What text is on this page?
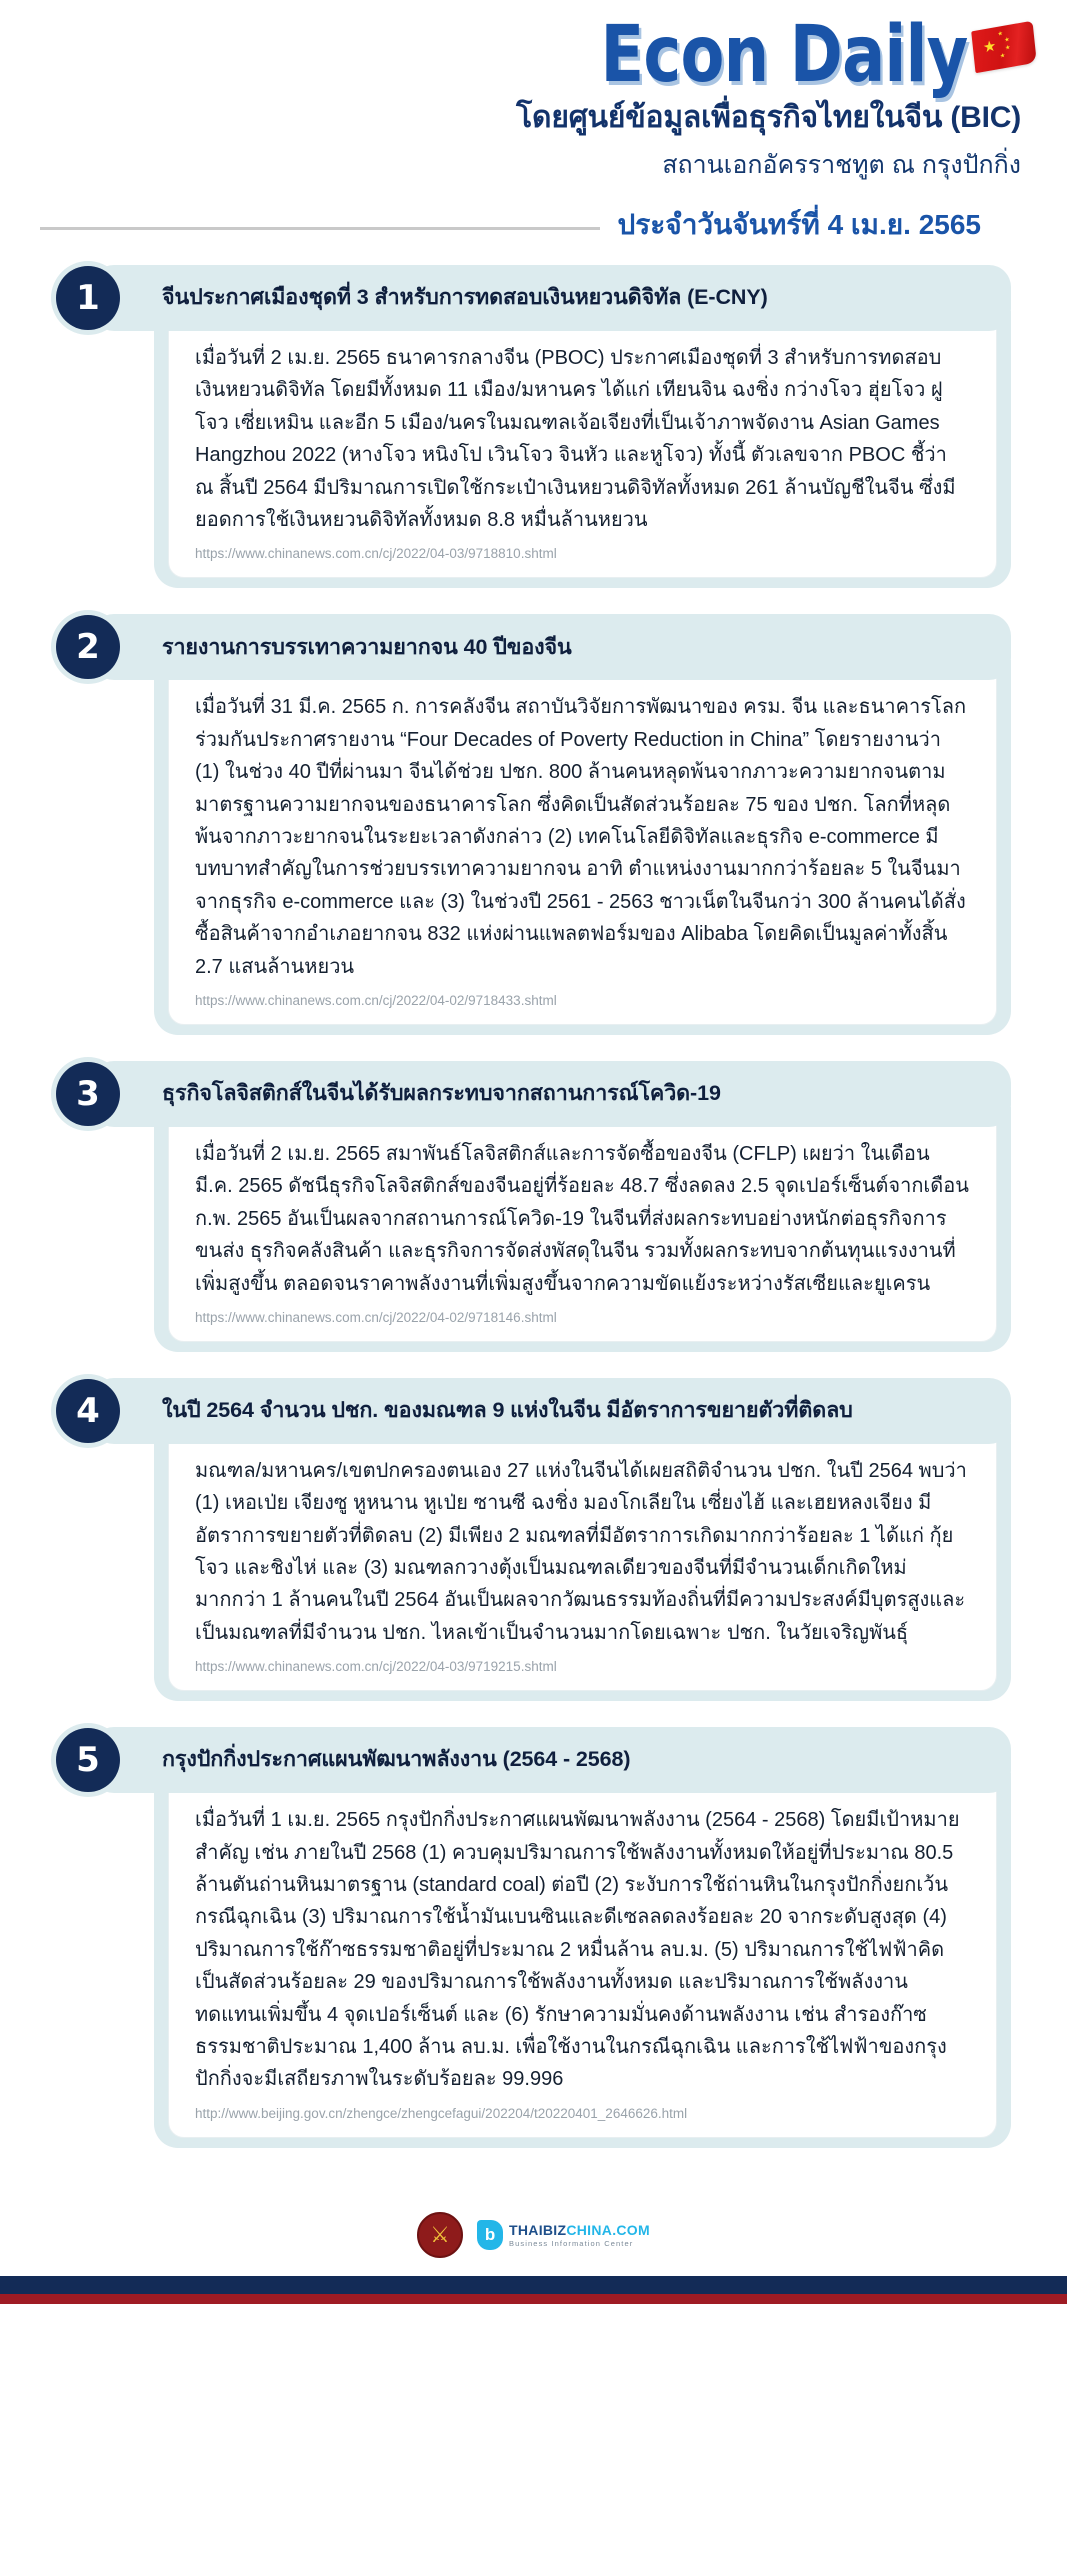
Econ Daily ★
★
★
★
★
โดยศูนย์ข้อมูลเพื่อธุรกิจไทยในจีน (BIC)
สถานเอกอัครราชทูต ณ กรุงปักกิ่ง
ประจำวันจันทร์ที่ 4 เม.ย. 2565
1	จีนประกาศเมืองชุดที่ 3 สำหรับการทดสอบเงินหยวนดิจิทัล (E-CNY)
เมื่อวันที่ 2 เม.ย. 2565 ธนาคารกลางจีน (PBOC) ประกาศเมืองชุดที่ 3 สำหรับการทดสอบเงินหยวนดิจิทัล โดยมีทั้งหมด 11 เมือง/มหานคร ได้แก่ เทียนจิน ฉงชิ่ง กว่างโจว ฮุ่ยโจว ฝูโจว เซี่ยเหมิน และอีก 5 เมือง/นครในมณฑลเจ้อเจียงที่เป็นเจ้าภาพจัดงาน Asian Games Hangzhou 2022 (หางโจว หนิงโป เวินโจว จินหัว และหูโจว) ทั้งนี้ ตัวเลขจาก PBOC ชี้ว่า ณ สิ้นปี 2564 มีปริมาณการเปิดใช้กระเป๋าเงินหยวนดิจิทัลทั้งหมด 261 ล้านบัญชีในจีน ซึ่งมียอดการใช้เงินหยวนดิจิทัลทั้งหมด 8.8 หมื่นล้านหยวน
https://www.chinanews.com.cn/cj/2022/04-03/9718810.shtml
2	รายงานการบรรเทาความยากจน 40 ปีของจีน
เมื่อวันที่ 31 มี.ค. 2565 ก. การคลังจีน สถาบันวิจัยการพัฒนาของ ครม. จีน และธนาคารโลกร่วมกันประกาศรายงาน “Four Decades of Poverty Reduction in China” โดยรายงานว่า (1) ในช่วง 40 ปีที่ผ่านมา จีนได้ช่วย ปชก. 800 ล้านคนหลุดพ้นจากภาวะความยากจนตามมาตรฐานความยากจนของธนาคารโลก ซึ่งคิดเป็นสัดส่วนร้อยละ 75 ของ ปชก. โลกที่หลุดพ้นจากภาวะยากจนในระยะเวลาดังกล่าว (2) เทคโนโลยีดิจิทัลและธุรกิจ e-commerce มีบทบาทสำคัญในการช่วยบรรเทาความยากจน อาทิ ตำแหน่งงานมากกว่าร้อยละ 5 ในจีนมาจากธุรกิจ e-commerce และ (3) ในช่วงปี 2561 - 2563 ชาวเน็ตในจีนกว่า 300 ล้านคนได้สั่งซื้อสินค้าจากอำเภอยากจน 832 แห่งผ่านแพลตฟอร์มของ Alibaba โดยคิดเป็นมูลค่าทั้งสิ้น 2.7 แสนล้านหยวน
https://www.chinanews.com.cn/cj/2022/04-02/9718433.shtml
3	ธุรกิจโลจิสติกส์ในจีนได้รับผลกระทบจากสถานการณ์โควิด-19
เมื่อวันที่ 2 เม.ย. 2565 สมาพันธ์โลจิสติกส์และการจัดซื้อของจีน (CFLP) เผยว่า ในเดือน มี.ค. 2565 ดัชนีธุรกิจโลจิสติกส์ของจีนอยู่ที่ร้อยละ 48.7 ซึ่งลดลง 2.5 จุดเปอร์เซ็นต์จากเดือน ก.พ. 2565 อันเป็นผลจากสถานการณ์โควิด-19 ในจีนที่ส่งผลกระทบอย่างหนักต่อธุรกิจการขนส่ง ธุรกิจคลังสินค้า และธุรกิจการจัดส่งพัสดุในจีน รวมทั้งผลกระทบจากต้นทุนแรงงานที่เพิ่มสูงขึ้น ตลอดจนราคาพลังงานที่เพิ่มสูงขึ้นจากความขัดแย้งระหว่างรัสเซียและยูเครน
https://www.chinanews.com.cn/cj/2022/04-02/9718146.shtml
4	ในปี 2564 จำนวน ปชก. ของมณฑล 9 แห่งในจีน มีอัตราการขยายตัวที่ติดลบ
มณฑล/มหานคร/เขตปกครองตนเอง 27 แห่งในจีนได้เผยสถิติจำนวน ปชก. ในปี 2564 พบว่า (1) เหอเป่ย เจียงซู หูหนาน หูเป่ย ซานซี ฉงชิ่ง มองโกเลียใน เซี่ยงไฮ้ และเฮยหลงเจียง มีอัตราการขยายตัวที่ติดลบ (2) มีเพียง 2 มณฑลที่มีอัตราการเกิดมากกว่าร้อยละ 1 ได้แก่ กุ้ยโจว และชิงไห่ และ (3) มณฑลกวางตุ้งเป็นมณฑลเดียวของจีนที่มีจำนวนเด็กเกิดใหม่มากกว่า 1 ล้านคนในปี 2564 อันเป็นผลจากวัฒนธรรมท้องถิ่นที่มีความประสงค์มีบุตรสูงและเป็นมณฑลที่มีจำนวน ปชก. ไหลเข้าเป็นจำนวนมากโดยเฉพาะ ปชก. ในวัยเจริญพันธุ์
https://www.chinanews.com.cn/cj/2022/04-03/9719215.shtml
5	กรุงปักกิ่งประกาศแผนพัฒนาพลังงาน (2564 - 2568)
เมื่อวันที่ 1 เม.ย. 2565 กรุงปักกิ่งประกาศแผนพัฒนาพลังงาน (2564 - 2568) โดยมีเป้าหมายสำคัญ เช่น ภายในปี 2568 (1) ควบคุมปริมาณการใช้พลังงานทั้งหมดให้อยู่ที่ประมาณ 80.5 ล้านตันถ่านหินมาตรฐาน (standard coal) ต่อปี (2) ระงับการใช้ถ่านหินในกรุงปักกิ่งยกเว้นกรณีฉุกเฉิน (3) ปริมาณการใช้น้ำมันเบนซินและดีเซลลดลงร้อยละ 20 จากระดับสูงสุด (4) ปริมาณการใช้ก๊าซธรรมชาติอยู่ที่ประมาณ 2 หมื่นล้าน ลบ.ม. (5) ปริมาณการใช้ไฟฟ้าคิดเป็นสัดส่วนร้อยละ 29 ของปริมาณการใช้พลังงานทั้งหมด และปริมาณการใช้พลังงานทดแทนเพิ่มขึ้น 4 จุดเปอร์เซ็นต์ และ (6) รักษาความมั่นคงด้านพลังงาน เช่น สำรองก๊าซธรรมชาติประมาณ 1,400 ล้าน ลบ.ม. เพื่อใช้งานในกรณีฉุกเฉิน และการใช้ไฟฟ้าของกรุงปักกิ่งจะมีเสถียรภาพในระดับร้อยละ 99.996
http://www.beijing.gov.cn/zhengce/zhengcefagui/202204/t20220401_2646626.html
⚔	b THAIBIZCHINA.COM
Business Information Center
